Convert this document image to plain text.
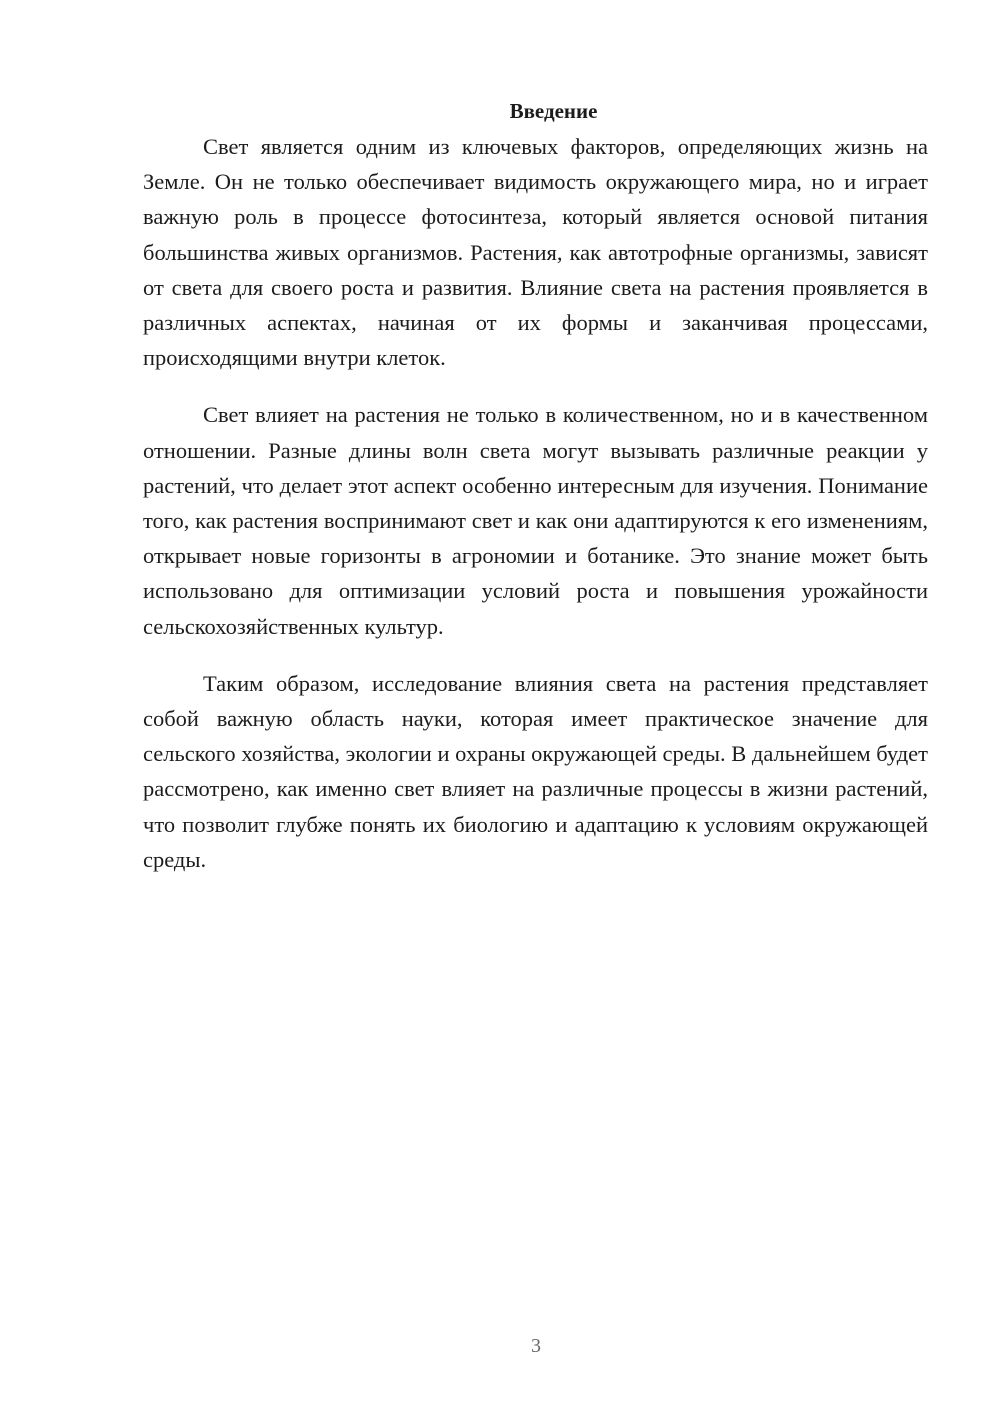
Введение

Свет является одним из ключевых факторов, определяющих жизнь на Земле. Он не только обеспечивает видимость окружающего мира, но и играет важную роль в процессе фотосинтеза, который является основой питания большинства живых организмов. Растения, как автотрофные организмы, зависят от света для своего роста и развития. Влияние света на растения проявляется в различных аспектах, начиная от их формы и заканчивая процессами, происходящими внутри клеток.

Свет влияет на растения не только в количественном, но и в качественном отношении. Разные длины волн света могут вызывать различные реакции у растений, что делает этот аспект особенно интересным для изучения. Понимание того, как растения воспринимают свет и как они адаптируются к его изменениям, открывает новые горизонты в агрономии и ботанике. Это знание может быть использовано для оптимизации условий роста и повышения урожайности сельскохозяйственных культур.

Таким образом, исследование влияния света на растения представляет собой важную область науки, которая имеет практическое значение для сельского хозяйства, экологии и охраны окружающей среды. В дальнейшем будет рассмотрено, как именно свет влияет на различные процессы в жизни растений, что позволит глубже понять их биологию и адаптацию к условиям окружающей среды.

3
